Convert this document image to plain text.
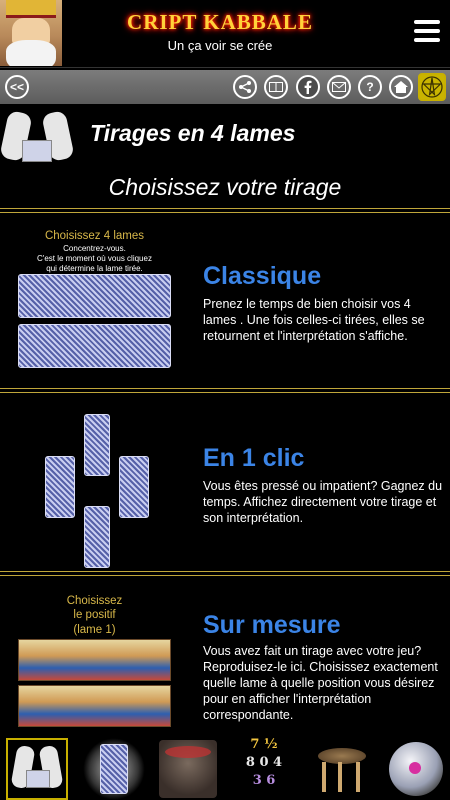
CRIPT KABBALE
Un ça voir se crée
<<	?
Tirages en 4 lames
Choisissez votre tirage
Choisissez 4 lames
Concentrez-vous.
C'est le moment où vous cliquez
qui détermine la lame tirée.	Classique
Prenez le temps de bien choisir vos 4 lames . Une fois celles-ci tirées, elles se retournent et l'interprétation s'affiche.
En 1 clic
Vous êtes pressé ou impatient? Gagnez du temps. Affichez directement votre tirage et son interprétation.
Choisissez
le positif
(lame 1)	Sur mesure
Vous avez fait un tirage avec votre jeu? Reproduisez-le ici. Choisissez exactement quelle lame à quelle position vous désirez pour en afficher l'interprétation correspondante.
7 ½
8 0 4
3 6
